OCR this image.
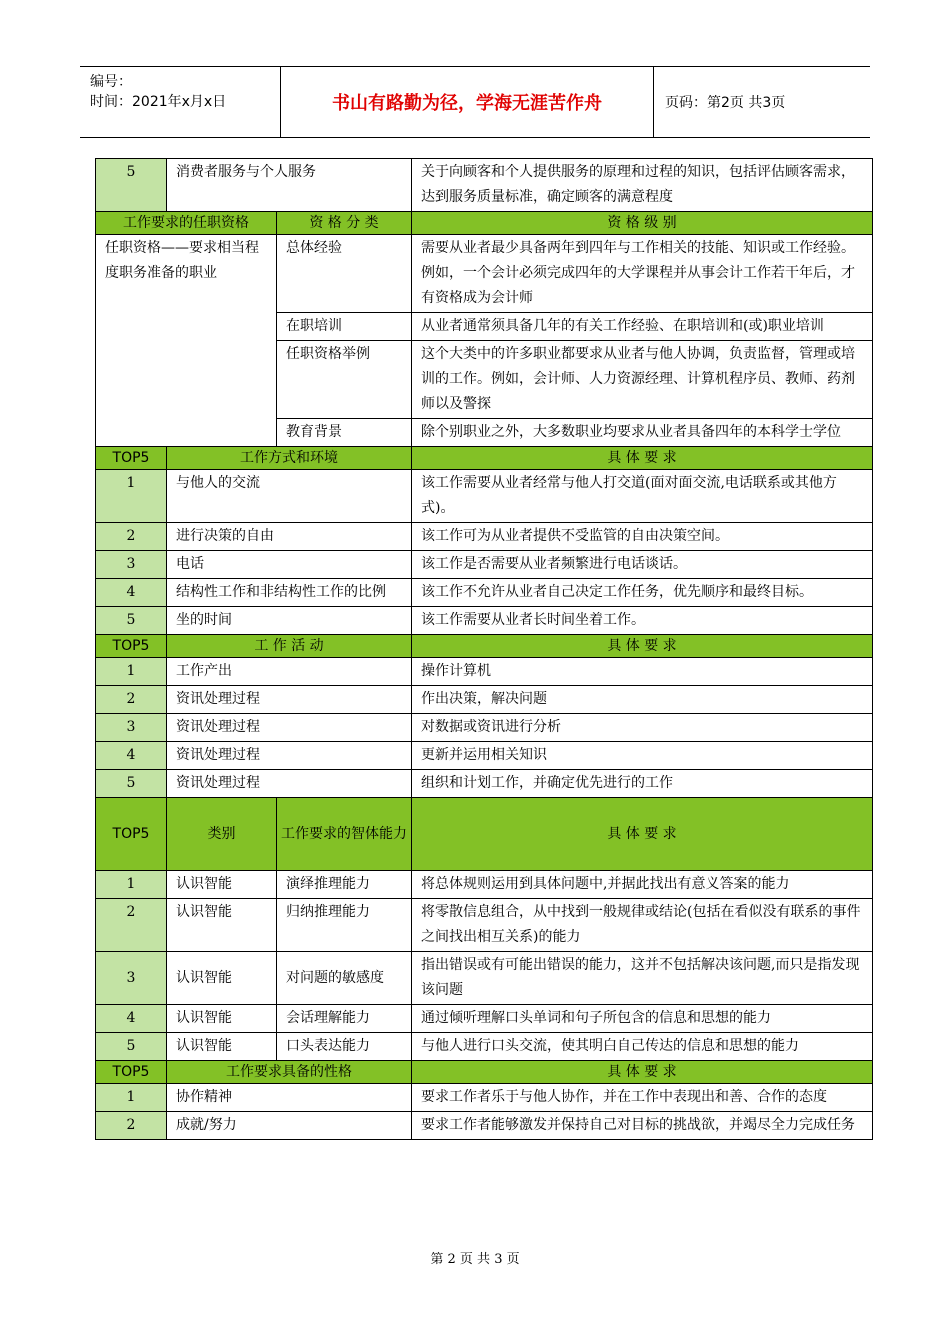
编号：
时间：2021年x月x日	书山有路勤为径，学海无涯苦作舟	页码：第2页 共3页
5	消费者服务与个人服务		关于向顾客和个人提供服务的原理和过程的知识，包括评估顾客需求，达到服务质量标准，确定顾客的满意程度
工作要求的任职资格		资 格 分 类	资 格 级 别
任职资格——要求相当程度职务准备的职业		总体经验	需要从业者最少具备两年到四年与工作相关的技能、知识或工作经验。例如，一个会计必须完成四年的大学课程并从事会计工作若干年后，才有资格成为会计师
		在职培训	从业者通常须具备几年的有关工作经验、在职培训和(或)职业培训
		任职资格举例	这个大类中的许多职业都要求从业者与他人协调，负责监督，管理或培训的工作。例如，会计师、人力资源经理、计算机程序员、教师、药剂师以及警探
		教育背景	除个别职业之外，大多数职业均要求从业者具备四年的本科学士学位
TOP5	工作方式和环境		具 体 要 求
1	与他人的交流		该工作需要从业者经常与他人打交道(面对面交流,电话联系或其他方式)。
2	进行决策的自由		该工作可为从业者提供不受监管的自由决策空间。
3	电话		该工作是否需要从业者频繁进行电话谈话。
4	结构性工作和非结构性工作的比例		该工作不允许从业者自己决定工作任务，优先顺序和最终目标。
5	坐的时间		该工作需要从业者长时间坐着工作。
TOP5	工 作 活 动		具 体 要 求
1	工作产出		操作计算机
2	资讯处理过程		作出决策，解决问题
3	资讯处理过程		对数据或资讯进行分析
4	资讯处理过程		更新并运用相关知识
5	资讯处理过程		组织和计划工作，并确定优先进行的工作
TOP5	类别	工作要求的智体能力	具 体 要 求
1	认识智能	演绎推理能力	将总体规则运用到具体问题中,并据此找出有意义答案的能力
2	认识智能	归纳推理能力	将零散信息组合，从中找到一般规律或结论(包括在看似没有联系的事件之间找出相互关系)的能力
3	认识智能	对问题的敏感度	指出错误或有可能出错误的能力，这并不包括解决该问题,而只是指发现该问题
4	认识智能	会话理解能力	通过倾听理解口头单词和句子所包含的信息和思想的能力
5	认识智能	口头表达能力	与他人进行口头交流，使其明白自己传达的信息和思想的能力
TOP5	工作要求具备的性格		具 体 要 求
1	协作精神		要求工作者乐于与他人协作，并在工作中表现出和善、合作的态度
2	成就/努力		要求工作者能够激发并保持自己对目标的挑战欲，并竭尽全力完成任务
第 2 页 共 3 页
